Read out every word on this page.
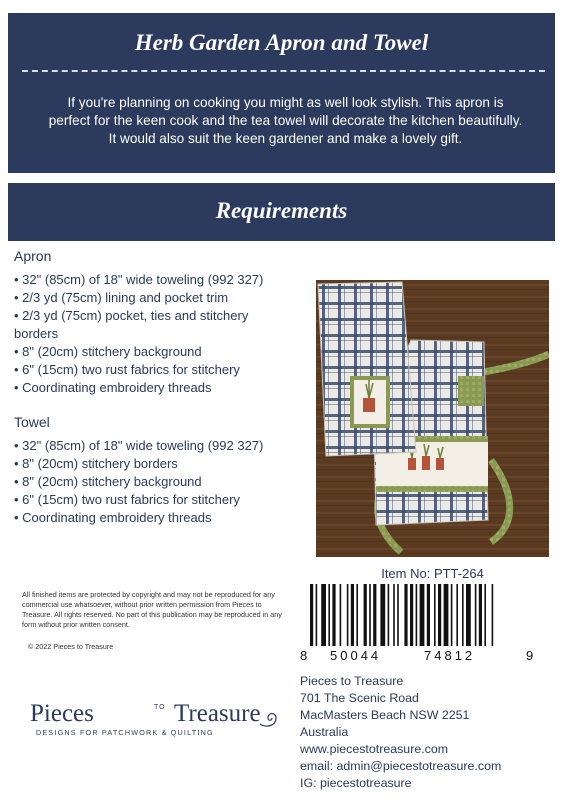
Herb Garden Apron and Towel
If you're planning on cooking you might as well look stylish. This apron is perfect for the keen cook and the tea towel will decorate the kitchen beautifully. It would also suit the keen gardener and make a lovely gift.
Requirements
Apron
• 32" (85cm) of 18" wide toweling (992 327)
• 2/3 yd (75cm) lining and pocket trim
• 2/3 yd (75cm) pocket, ties and stitchery borders
• 8" (20cm) stitchery background
• 6" (15cm) two rust fabrics for stitchery
• Coordinating embroidery threads
Towel
• 32" (85cm) of 18" wide toweling (992 327)
• 8" (20cm) stitchery borders
• 8" (20cm) stitchery background
• 6" (15cm) two rust fabrics for stitchery
• Coordinating embroidery threads
Item No: PTT-264
8 50044	74812	9
All finished items are protected by copyright and may not be reproduced for any commercial use whatsoever, without prior written permission from Pieces to Treasure. All rights reserved. No part of this publication may be reproduced in any form without prior written consent.
© 2022 Pieces to Treasure
Pieces	TO Treasure
DESIGNS FOR PATCHWORK & QUILTING
Pieces to Treasure
701 The Scenic Road
MacMasters Beach NSW 2251
Australia
www.piecestotreasure.com
email: admin@piecestotreasure.com
IG: piecestotreasure
